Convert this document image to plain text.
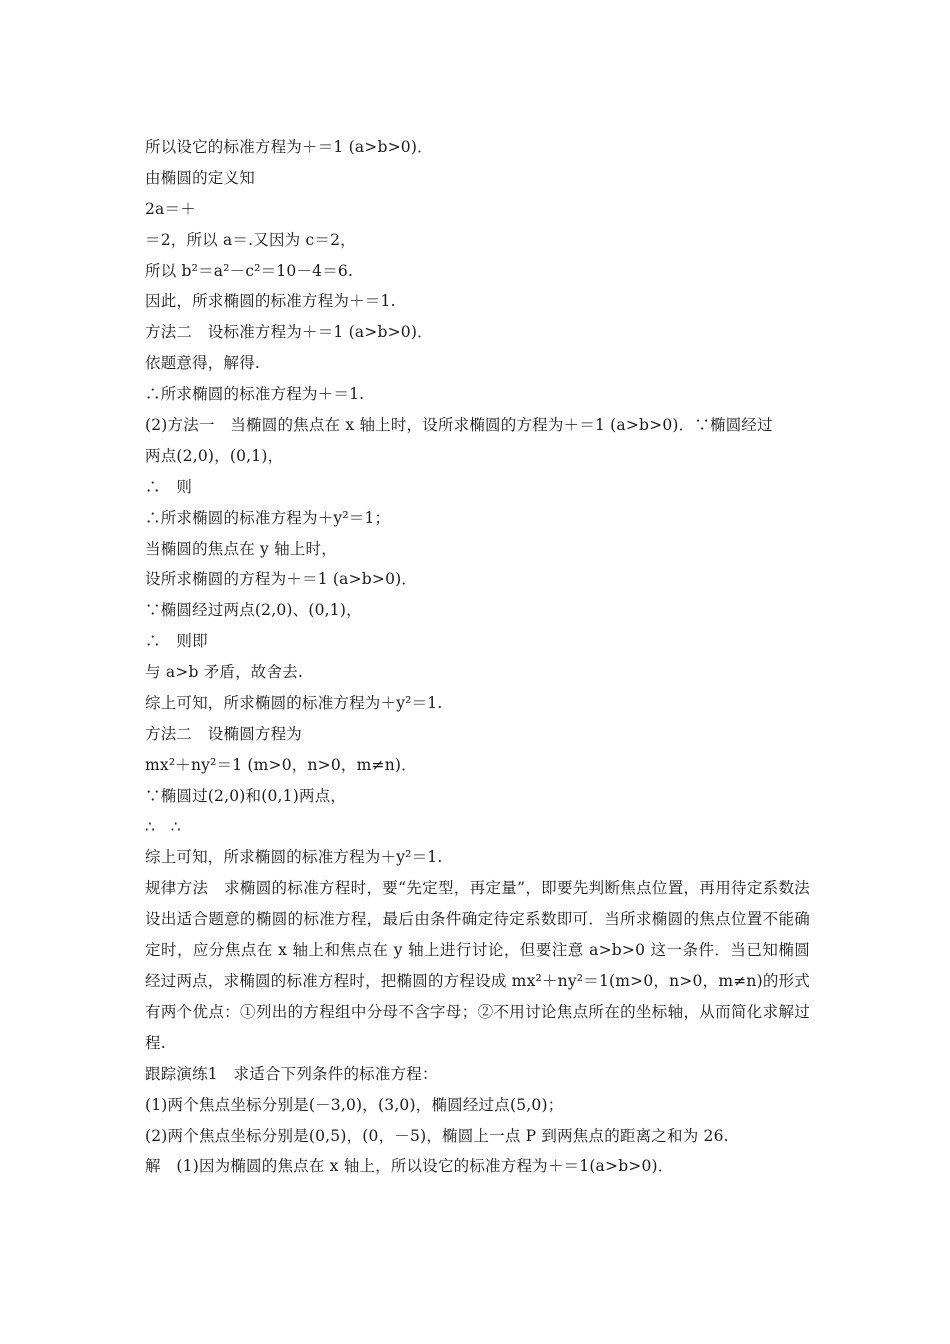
所以设它的标准方程为＋＝1 (a>b>0)．
由椭圆的定义知
2a＝＋
＝2，所以 a＝.又因为 c＝2，
所以 b²＝a²－c²＝10－4＝6.
因此，所求椭圆的标准方程为＋＝1.
方法二　设标准方程为＋＝1 (a>b>0)．
依题意得，解得.
∴所求椭圆的标准方程为＋＝1.
(2)方法一　当椭圆的焦点在 x 轴上时，设所求椭圆的方程为＋＝1 (a>b>0)．∵椭圆经过
两点(2,0)，(0,1)，
∴　则
∴所求椭圆的标准方程为＋y²＝1；
当椭圆的焦点在 y 轴上时，
设所求椭圆的方程为＋＝1 (a>b>0)．
∵椭圆经过两点(2,0)、(0,1)，
∴　则即
与 a>b 矛盾，故舍去.
综上可知，所求椭圆的标准方程为＋y²＝1.
方法二　设椭圆方程为
mx²＋ny²＝1 (m>0，n>0，m≠n)．
∵椭圆过(2,0)和(0,1)两点，
∴　∴
综上可知，所求椭圆的标准方程为＋y²＝1.
规律方法　求椭圆的标准方程时，要“先定型，再定量”，即要先判断焦点位置，再用待定系数法设出适合题意的椭圆的标准方程，最后由条件确定待定系数即可．当所求椭圆的焦点位置不能确定时，应分焦点在 x 轴上和焦点在 y 轴上进行讨论，但要注意 a>b>0 这一条件．当已知椭圆经过两点，求椭圆的标准方程时，把椭圆的方程设成 mx²＋ny²＝1(m>0，n>0，m≠n)的形式有两个优点：①列出的方程组中分母不含字母；②不用讨论焦点所在的坐标轴，从而简化求解过程.
跟踪演练1　求适合下列条件的标准方程：
(1)两个焦点坐标分别是(－3,0)，(3,0)，椭圆经过点(5,0)；
(2)两个焦点坐标分别是(0,5)，(0，－5)，椭圆上一点 P 到两焦点的距离之和为 26.
解　(1)因为椭圆的焦点在 x 轴上，所以设它的标准方程为＋＝1(a>b>0)．
